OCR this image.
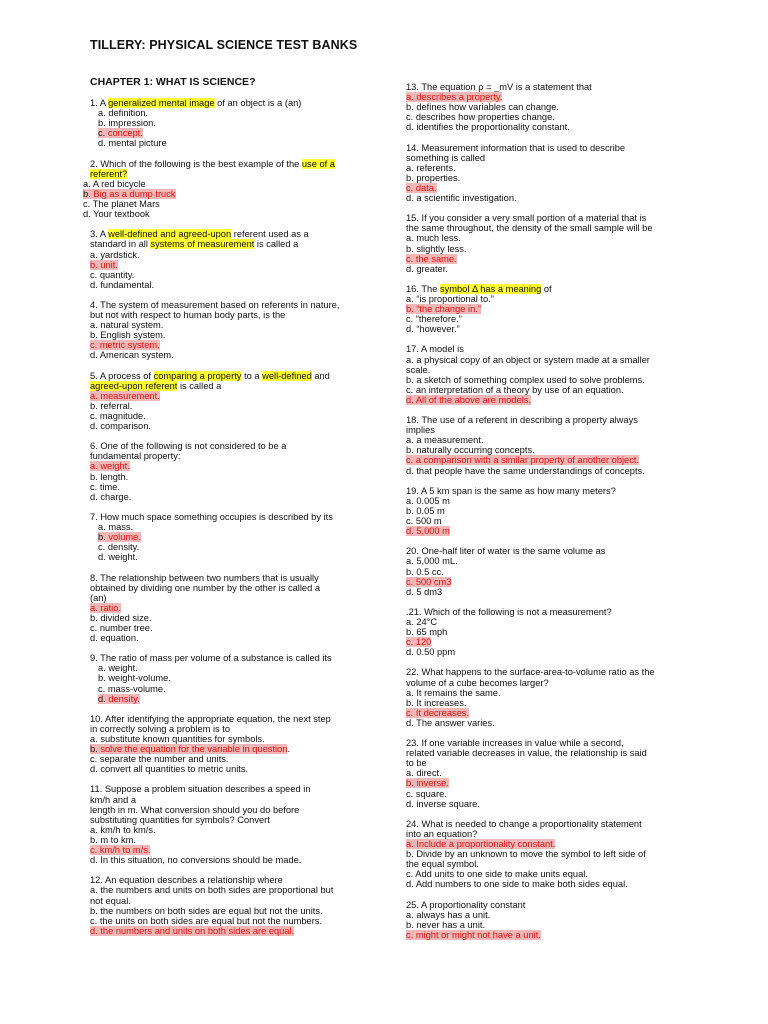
TILLERY: PHYSICAL SCIENCE TEST BANKS
CHAPTER 1: WHAT IS SCIENCE?
1. A generalized mental image of an object is a (an)
a. definition.
b. impression.
c. concept.
d. mental picture
2. Which of the following is the best example of the use of a
referent?
a. A red bicycle
b. Big as a dump truck
c. The planet Mars
d. Your textbook
3. A well-defined and agreed-upon referent used as a
standard in all systems of measurement is called a
a. yardstick.
b. unit.
c. quantity.
d. fundamental.
4. The system of measurement based on referents in nature,
but not with respect to human body parts, is the
a. natural system.
b. English system.
c. metric system.
d. American system.
5. A process of comparing a property to a well-defined and
agreed-upon referent is called a
a. measurement.
b. referral.
c. magnitude.
d. comparison.
6. One of the following is not considered to be a
fundamental property:
a. weight.
b. length.
c. time.
d. charge.
7. How much space something occupies is described by its
a. mass.
b. volume.
c. density.
d. weight.
8. The relationship between two numbers that is usually
obtained by dividing one number by the other is called a
(an)
a. ratio.
b. divided size.
c. number tree.
d. equation.
9. The ratio of mass per volume of a substance is called its
a. weight.
b. weight-volume.
c. mass-volume.
d. density.
10. After identifying the appropriate equation, the next step
in correctly solving a problem is to
a. substitute known quantities for symbols.
b. solve the equation for the variable in question.
c. separate the number and units.
d. convert all quantities to metric units.
11. Suppose a problem situation describes a speed in
km/h and a
length in m. What conversion should you do before
substituting quantities for symbols? Convert
a. km/h to km/s.
b. m to km.
c. km/h to m/s.
d. In this situation, no conversions should be made.
12. An equation describes a relationship where
a. the numbers and units on both sides are proportional but
not equal.
b. the numbers on both sides are equal but not the units.
c. the units on both sides are equal but not the numbers.
d. the numbers and units on both sides are equal.
13. The equation ρ = _mV is a statement that
a. describes a property.
b. defines how variables can change.
c. describes how properties change.
d. identifies the proportionality constant.
14. Measurement information that is used to describe
something is called
a. referents.
b. properties.
c. data.
d. a scientific investigation.
15. If you consider a very small portion of a material that is
the same throughout, the density of the small sample will be
a. much less.
b. slightly less.
c. the same.
d. greater.
16. The symbol Δ has a meaning of
a. “is proportional to.”
b. “the change in.”
c. “therefore.”
d. “however.”
17. A model is
a. a physical copy of an object or system made at a smaller
scale.
b. a sketch of something complex used to solve problems.
c. an interpretation of a theory by use of an equation.
d. All of the above are models.
18. The use of a referent in describing a property always
implies
a. a measurement.
b. naturally occurring concepts.
c. a comparison with a similar property of another object.
d. that people have the same understandings of concepts.
19. A 5 km span is the same as how many meters?
a. 0.005 m
b. 0.05 m
c. 500 m
d. 5,000 m
20. One-half liter of water is the same volume as
a. 5,000 mL.
b. 0.5 cc.
c. 500 cm3
d. 5 dm3
.21. Which of the following is not a measurement?
a. 24°C
b. 65 mph
c. 120
d. 0.50 ppm
22. What happens to the surface-area-to-volume ratio as the
volume of a cube becomes larger?
a. It remains the same.
b. It increases.
c. It decreases.
d. The answer varies.
23. If one variable increases in value while a second,
related variable decreases in value, the relationship is said
to be
a. direct.
b. inverse.
c. square.
d. inverse square.
24. What is needed to change a proportionality statement
into an equation?
a. Include a proportionality constant.
b. Divide by an unknown to move the symbol to left side of
the equal symbol.
c. Add units to one side to make units equal.
d. Add numbers to one side to make both sides equal.
25. A proportionality constant
a. always has a unit.
b. never has a unit.
c. might or might not have a unit.
